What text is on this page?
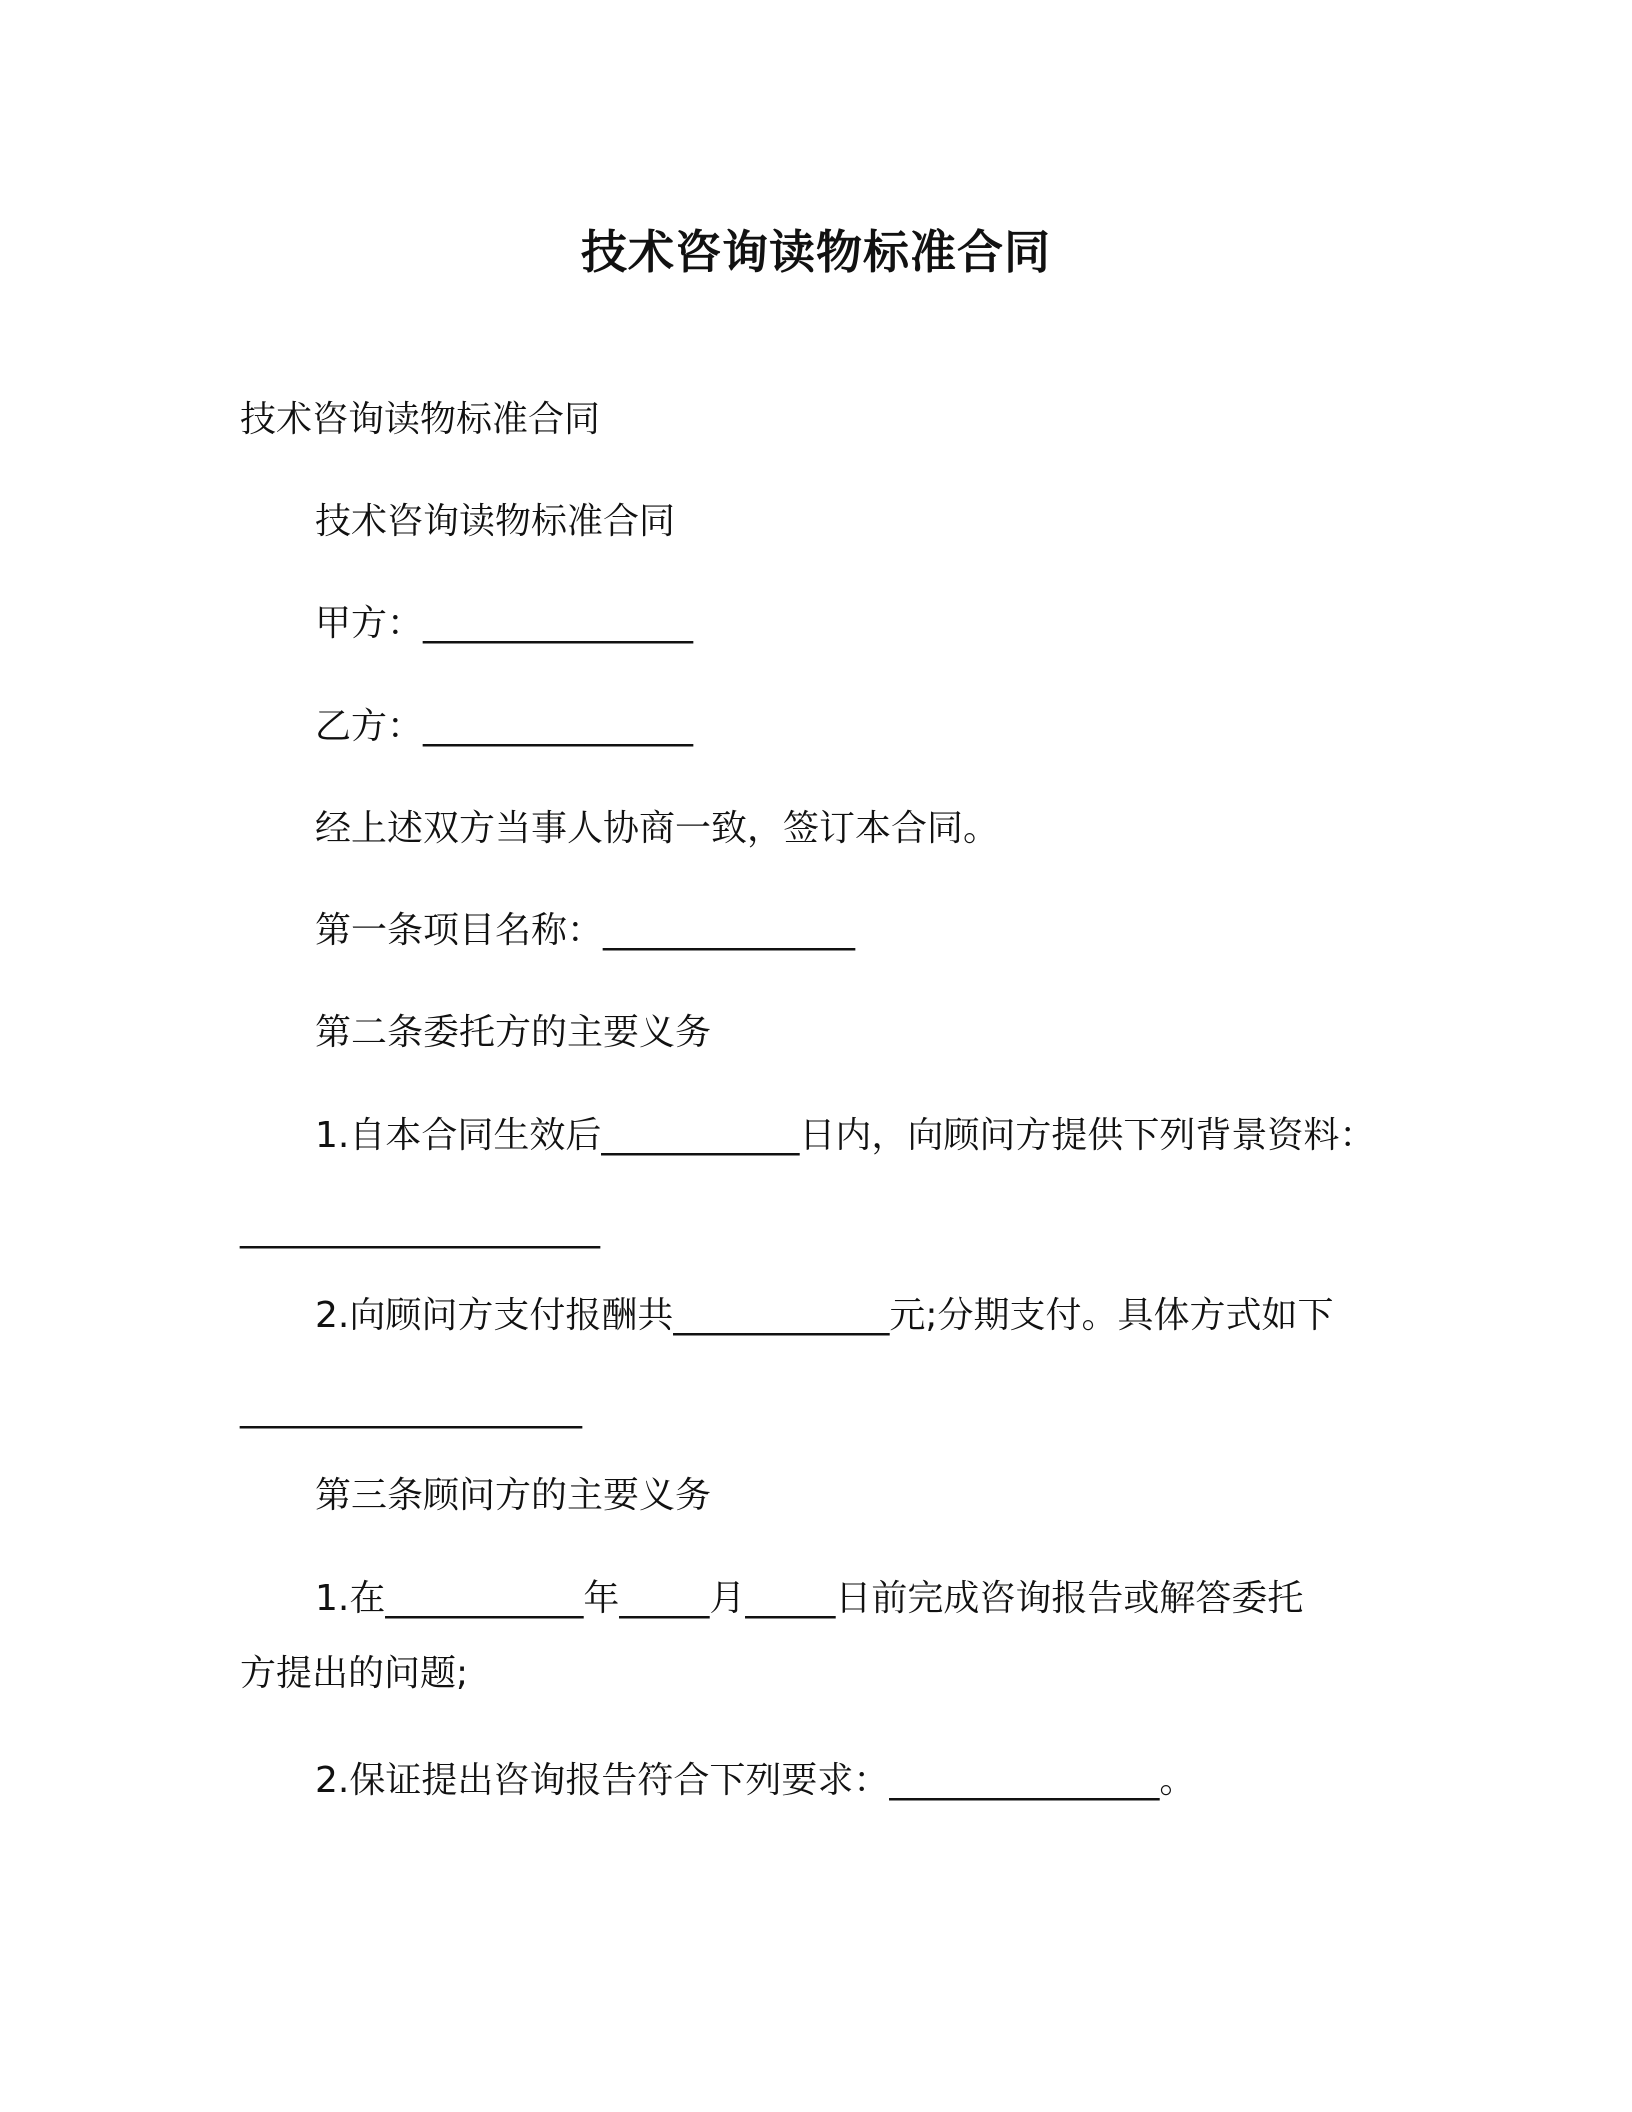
技术咨询读物标准合同
技术咨询读物标准合同
技术咨询读物标准合同
甲方：_______________
乙方：_______________
经上述双方当事人协商一致，签订本合同。
第一条项目名称：______________
第二条委托方的主要义务
1.自本合同生效后___________日内，向顾问方提供下列背景资料：
____________________
2.向顾问方支付报酬共____________元;分期支付。具体方式如下
___________________
第三条顾问方的主要义务
1.在___________年_____月_____日前完成咨询报告或解答委托
方提出的问题;
2.保证提出咨询报告符合下列要求：_______________。
